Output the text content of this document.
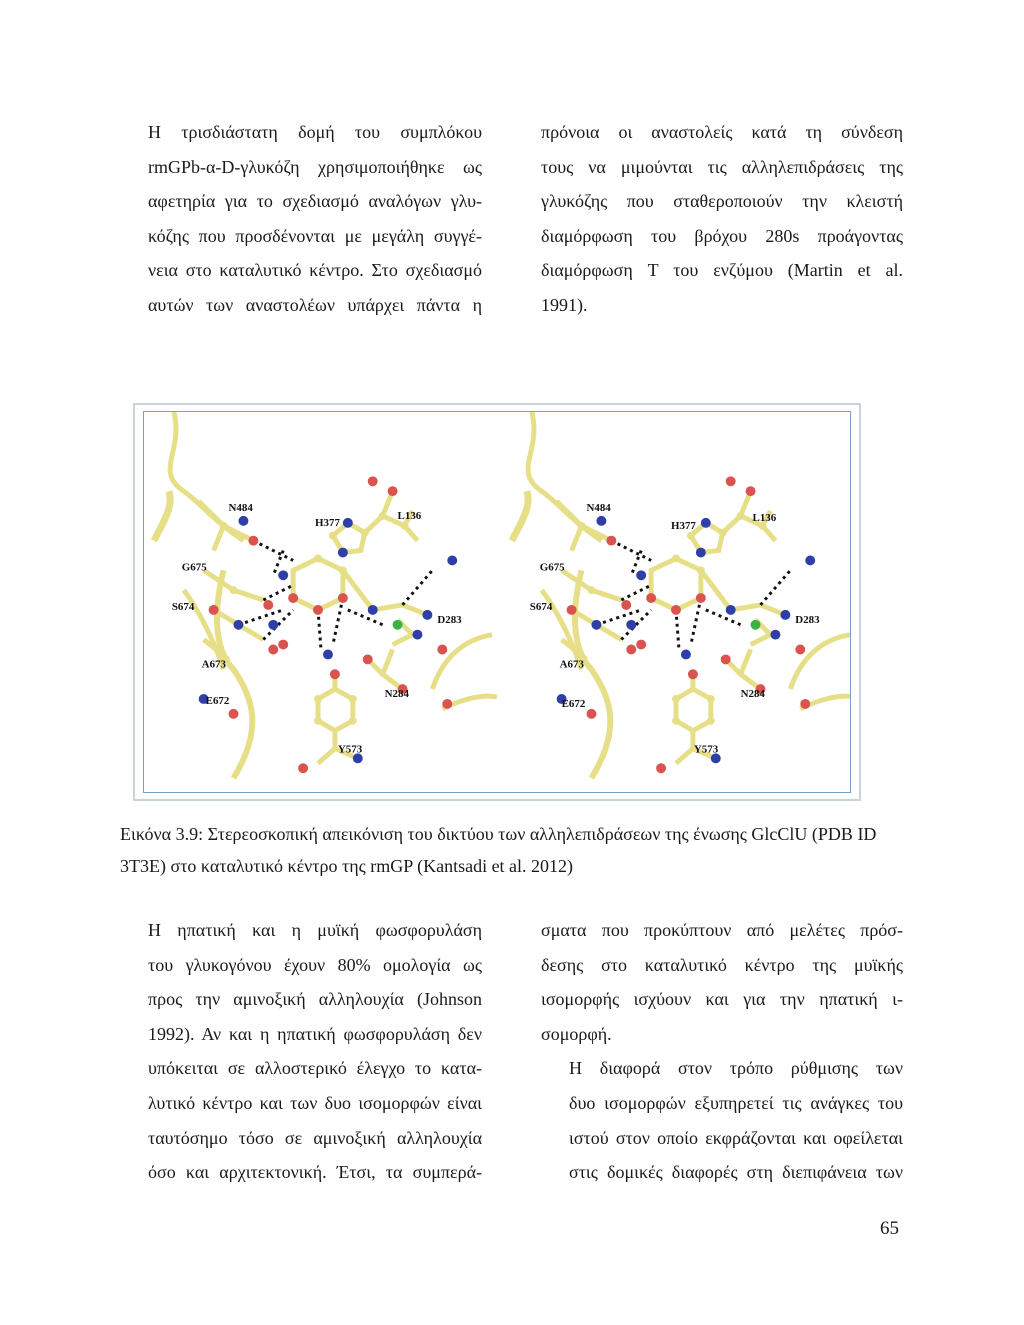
Η τρισδιάστατη δομή του συμπλόκου
rmGPb-α-D-γλυκόζη χρησιμοποιήθηκε ως
αφετηρία για το σχεδιασμό αναλόγων γλυ-
κόζης που προσδένονται με μεγάλη συγγέ-
νεια στο καταλυτικό κέντρο. Στο σχεδιασμό
αυτών των αναστολέων υπάρχει πάντα η

πρόνοια οι αναστολείς κατά τη σύνδεση
τους να μιμούνται τις αλληλεπιδράσεις της
γλυκόζης που σταθεροποιούν την κλειστή
διαμόρφωση του βρόχου 280s προάγοντας
διαμόρφωση T του ενζύμου (Martin et al.
1991).

N484
H377
L136
G675
S674
D283
A673
N284
E672
Y573
N484
H377
L136
G675
S674
D283
A673
N284
E672
Y573
Εικόνα 3.9: Στερεοσκοπική απεικόνιση του δικτύου των αλληλεπιδράσεων της ένωσης GlcClU (PDB ID
3T3E) στο καταλυτικό κέντρο της rmGP (Kantsadi et al. 2012)

Η ηπατική και η μυϊκή φωσφορυλάση
του γλυκογόνου έχουν 80% ομολογία ως
προς την αμινοξική αλληλουχία (Johnson
1992). Αν και η ηπατική φωσφορυλάση δεν
υπόκειται σε αλλοστερικό έλεγχο το κατα-
λυτικό κέντρο και των δυο ισομορφών είναι
ταυτόσημο τόσο σε αμινοξική αλληλουχία
όσο και αρχιτεκτονική. Έτσι, τα συμπερά-

σματα που προκύπτουν από μελέτες πρόσ-
δεσης στο καταλυτικό κέντρο της μυϊκής
ισομορφής ισχύουν και για την ηπατική ι-
σομορφή.

Η διαφορά στον τρόπο ρύθμισης των
δυο ισομορφών εξυπηρετεί τις ανάγκες του
ιστού στον οποίο εκφράζονται και οφείλεται
στις δομικές διαφορές στη διεπιφάνεια των

65
